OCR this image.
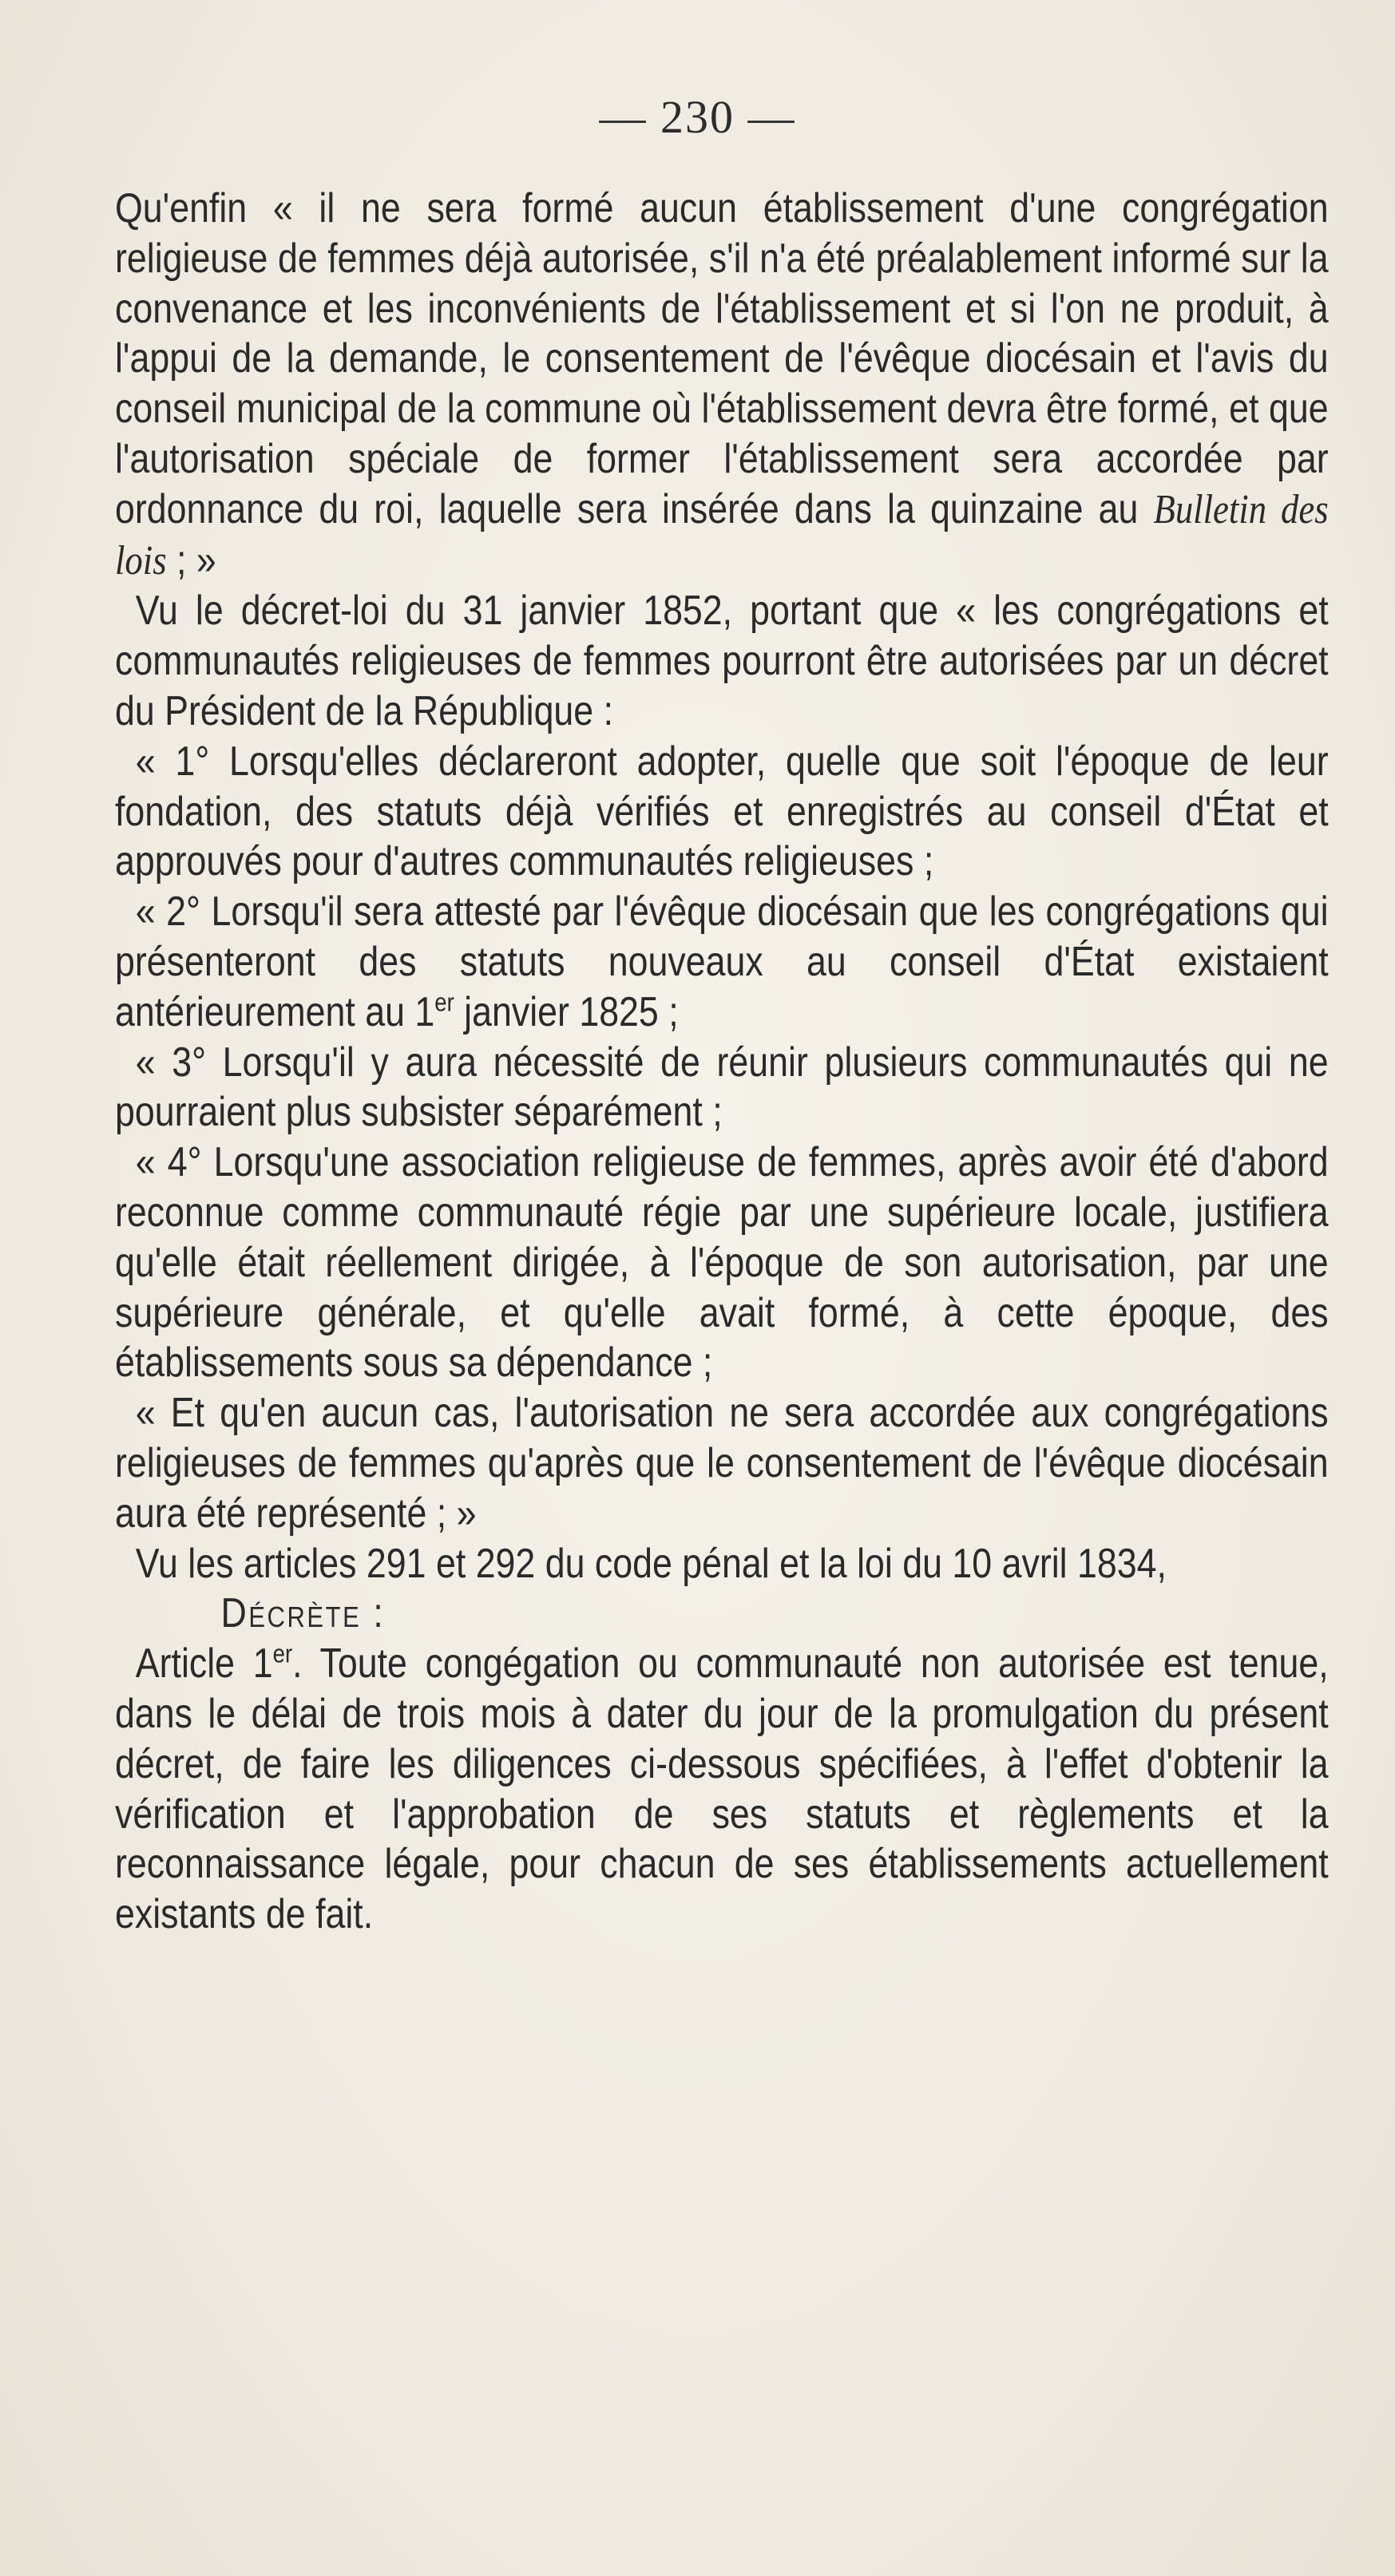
— 230 —

Qu'enfin « il ne sera formé aucun établissement d'une congrégation religieuse de femmes déjà autorisée, s'il n'a été préalablement informé sur la convenance et les inconvénients de l'établissement et si l'on ne produit, à l'appui de la demande, le consentement de l'évêque diocésain et l'avis du conseil municipal de la commune où l'établissement devra être formé, et que l'autorisation spéciale de former l'établissement sera accordée par ordonnance du roi, laquelle sera insérée dans la quinzaine au Bulletin des lois ; »

Vu le décret-loi du 31 janvier 1852, portant que « les congrégations et communautés religieuses de femmes pourront être autorisées par un décret du Président de la République :

« 1° Lorsqu'elles déclareront adopter, quelle que soit l'époque de leur fondation, des statuts déjà vérifiés et enregistrés au conseil d'État et approuvés pour d'autres communautés religieuses ;

« 2° Lorsqu'il sera attesté par l'évêque diocésain que les congrégations qui présenteront des statuts nouveaux au conseil d'État existaient antérieurement au 1er janvier 1825 ;

« 3° Lorsqu'il y aura nécessité de réunir plusieurs communautés qui ne pourraient plus subsister séparément ;

« 4° Lorsqu'une association religieuse de femmes, après avoir été d'abord reconnue comme communauté régie par une supérieure locale, justifiera qu'elle était réellement dirigée, à l'époque de son autorisation, par une supérieure générale, et qu'elle avait formé, à cette époque, des établissements sous sa dépendance ;

« Et qu'en aucun cas, l'autorisation ne sera accordée aux congrégations religieuses de femmes qu'après que le consentement de l'évêque diocésain aura été représenté ; »

Vu les articles 291 et 292 du code pénal et la loi du 10 avril 1834,

Décrète :

Article 1er. Toute congégation ou communauté non autorisée est tenue, dans le délai de trois mois à dater du jour de la promulgation du présent décret, de faire les diligences ci-dessous spécifiées, à l'effet d'obtenir la vérification et l'approbation de ses statuts et règlements et la reconnaissance légale, pour chacun de ses établissements actuellement existants de fait.
